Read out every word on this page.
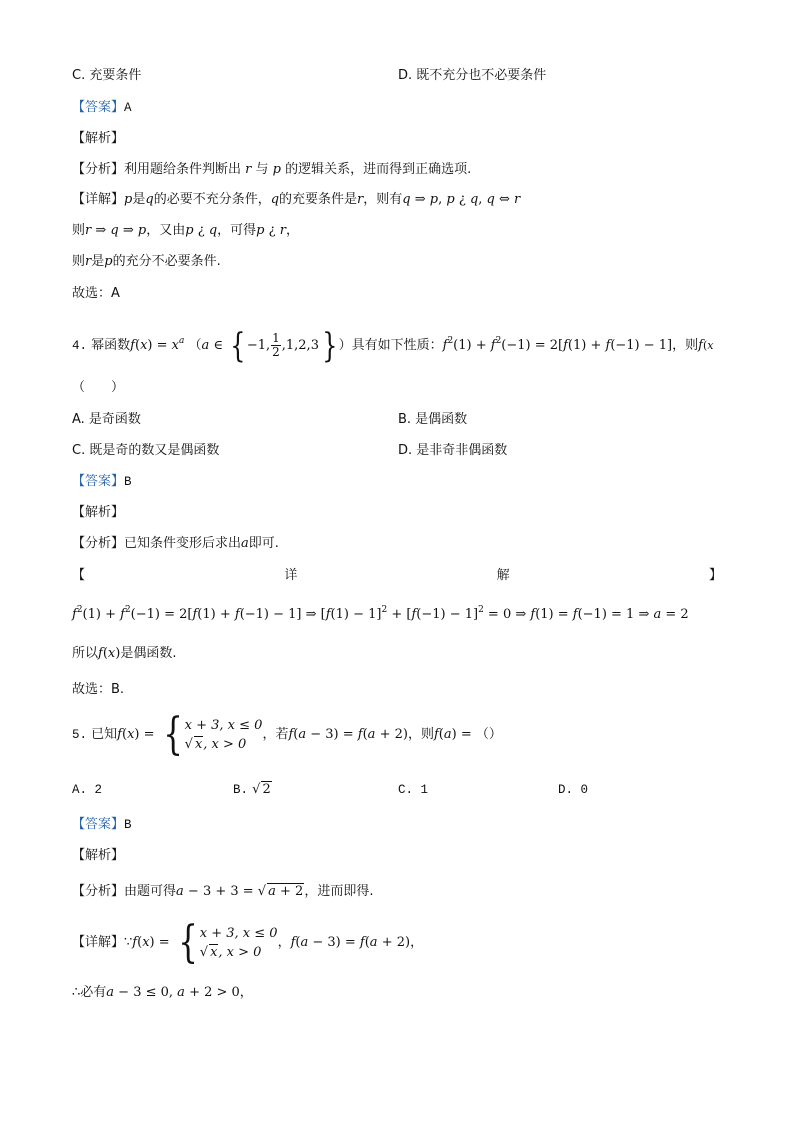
C. 充要条件	D. 既不充分也不必要条件
【答案】A
【解析】
【分析】利用题给条件判断出 r 与 p 的逻辑关系，进而得到正确选项.
【详解】p是q的必要不充分条件，q的充要条件是r，则有q ⇒ p, p ¿ q, q ⇔ r
则r ⇒ q ⇒ p，又由p ¿ q，可得p ¿ r，
则r是p的充分不必要条件.
故选：A
4. 幂函数$f(x) = x^a$ （a ∈ {−1, $\frac{1}{2} ,1,2,3$}）具有如下性质：$f^2(1) + f^2(-1) = 2[f(1) + f(-1) - 1]$，则f(x
（　　）
A. 是奇函数	B. 是偶函数
C. 既是奇的数又是偶函数	D. 是非奇非偶函数
【答案】B
【解析】
【分析】已知条件变形后求出a即可.
【	详	解	】
$f^2(1) + f^2(-1) = 2[f(1) + f(-1) - 1]$ ⇒ $[f(1) - 1]^2 + [f(-1) - 1]^2 = 0$ ⇒ f(1) = f(−1) = 1 ⇒ a = 2
所以f(x)是偶函数.
故选：B.
5. 已知f(x) = { x + 3, x ≤ 0
√ x, x > 0
，若f(a − 3) = f(a + 2)，则f(a) = （）
A. 2	B. √ 2	C. 1	D. 0
【答案】B
【解析】
【分析】由题可得a − 3 + 3 = √ a + 2，进而即得.
【详解】∵f(x) = { x + 3, x ≤ 0
√ x, x > 0
，f(a − 3) = f(a + 2)，
∴必有a − 3 ≤ 0, a + 2 > 0，
